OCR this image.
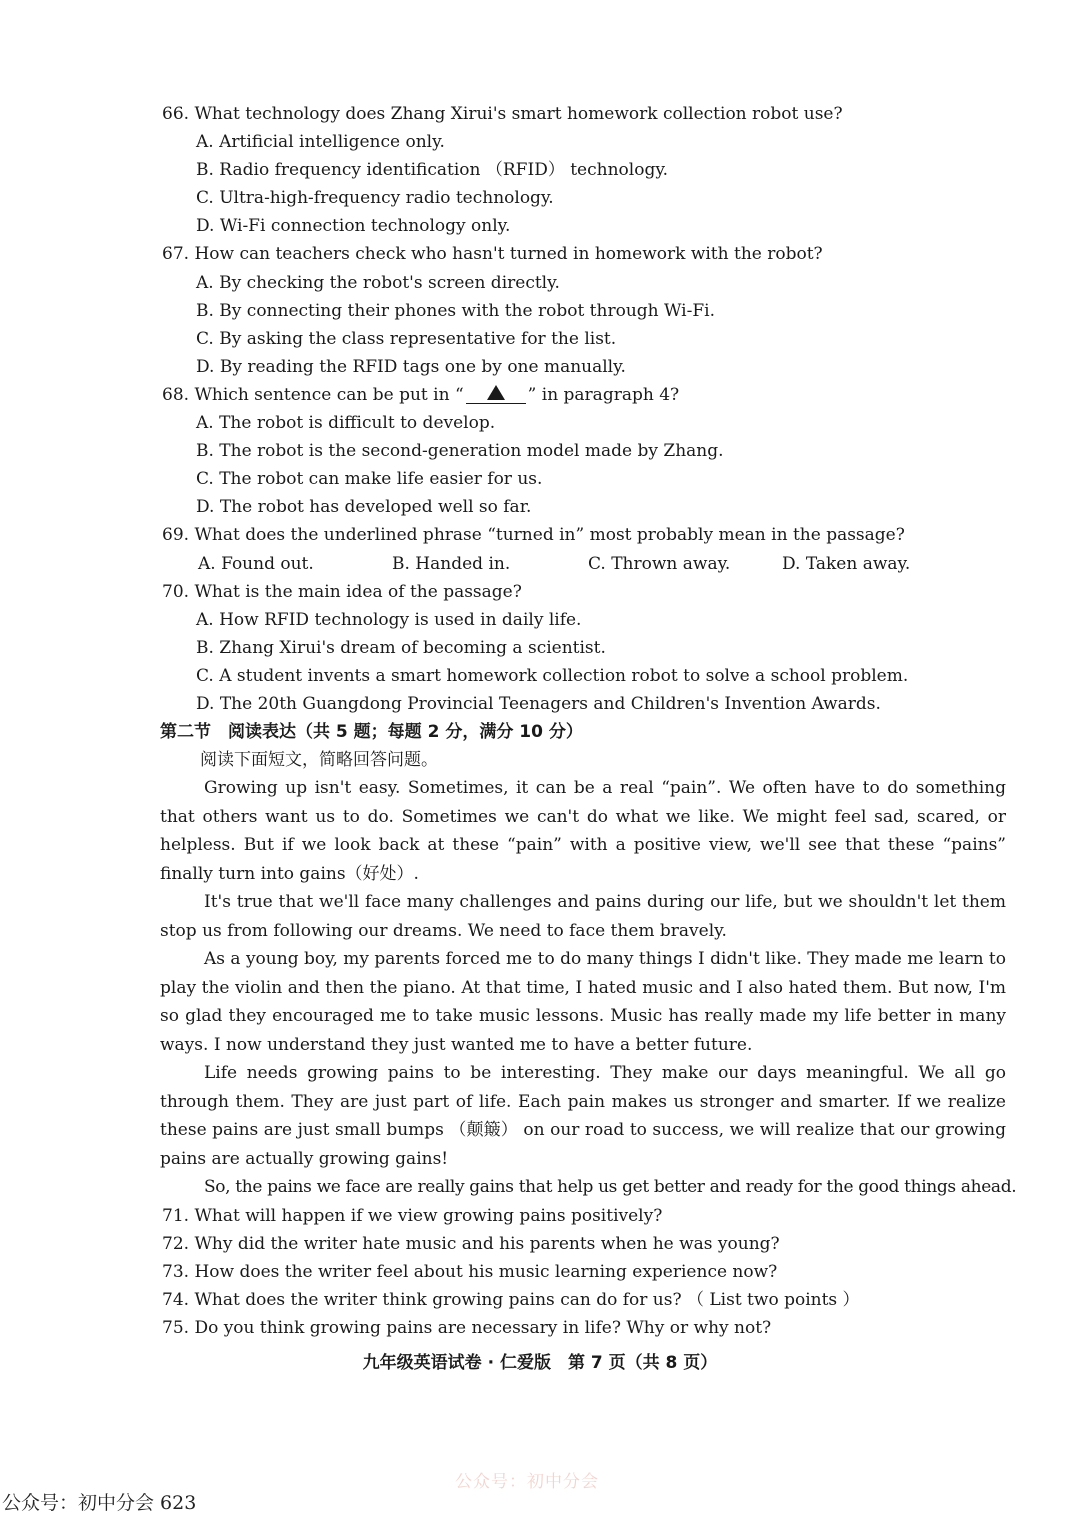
66. What technology does Zhang Xirui's smart homework collection robot use?
A. Artificial intelligence only.
B. Radio frequency identification （RFID） technology.
C. Ultra-high-frequency radio technology.
D. Wi-Fi connection technology only.
67. How can teachers check who hasn't turned in homework with the robot?
A. By checking the robot's screen directly.
B. By connecting their phones with the robot through Wi-Fi.
C. By asking the class representative for the list.
D. By reading the RFID tags one by one manually.
68. Which sentence can be put in “	” in paragraph 4?
A. The robot is difficult to develop.
B. The robot is the second-generation model made by Zhang.
C. The robot can make life easier for us.
D. The robot has developed well so far.
69. What does the underlined phrase “turned in” most probably mean in the passage?
A. Found out.	B. Handed in.	C. Thrown away.	D. Taken away.
70. What is the main idea of the passage?
A. How RFID technology is used in daily life.
B. Zhang Xirui's dream of becoming a scientist.
C. A student invents a smart homework collection robot to solve a school problem.
D. The 20th Guangdong Provincial Teenagers and Children's Invention Awards.
第二节　阅读表达（共 5 题；每题 2 分，满分 10 分）
阅读下面短文，简略回答问题。

Growing up isn't easy. Sometimes, it can be a real “pain”. We often have to do something that others want us to do. Sometimes we can't do what we like. We might feel sad, scared, or helpless. But if we look back at these “pain” with a positive view, we'll see that these “pains” finally turn into gains（好处）.

It's true that we'll face many challenges and pains during our life, but we shouldn't let them stop us from following our dreams. We need to face them bravely.

As a young boy, my parents forced me to do many things I didn't like. They made me learn to play the violin and then the piano. At that time, I hated music and I also hated them. But now, I'm so glad they encouraged me to take music lessons. Music has really made my life better in many ways. I now understand they just wanted me to have a better future.

Life needs growing pains to be interesting. They make our days meaningful. We all go through them. They are just part of life. Each pain makes us stronger and smarter. If we realize these pains are just small bumps （颠簸） on our road to success, we will realize that our growing pains are actually growing gains!

So, the pains we face are really gains that help us get better and ready for the good things ahead.

71. What will happen if we view growing pains positively?
72. Why did the writer hate music and his parents when he was young?
73. How does the writer feel about his music learning experience now?
74. What does the writer think growing pains can do for us? （ List two points ）
75. Do you think growing pains are necessary in life? Why or why not?
九年级英语试卷 · 仁爱版　第 7 页（共 8 页）
公众号：初中分会
公众号：初中分会 623
